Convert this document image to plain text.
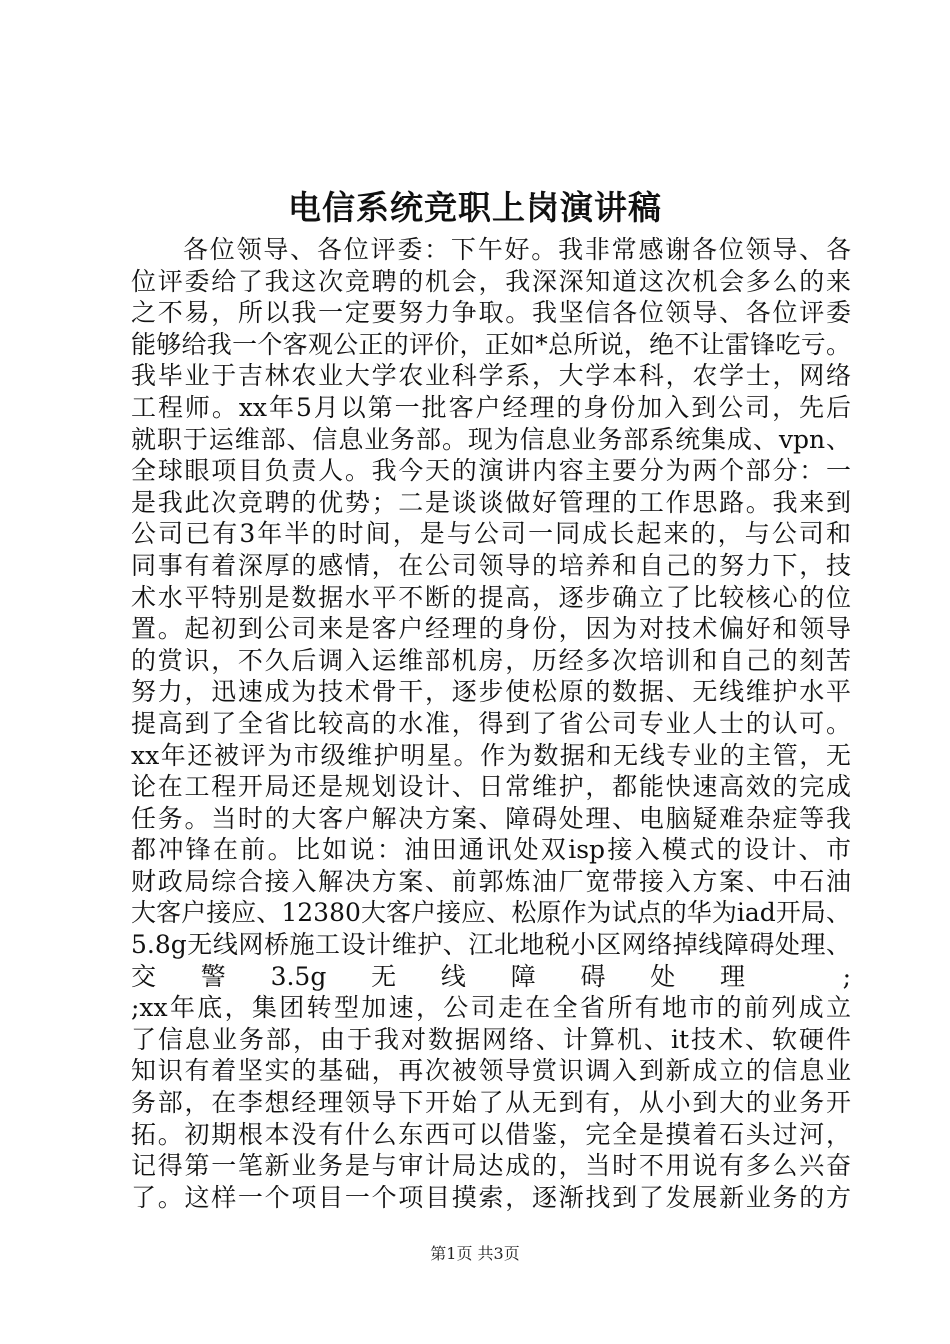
电信系统竞职上岗演讲稿
各位领导、各位评委：下午好。我非常感谢各位领导、各
位评委给了我这次竞聘的机会，我深深知道这次机会多么的来
之不易，所以我一定要努力争取。我坚信各位领导、各位评委
能够给我一个客观公正的评价，正如*总所说，绝不让雷锋吃亏。
我毕业于吉林农业大学农业科学系，大学本科，农学士，网络
工程师。xx年5月以第一批客户经理的身份加入到公司，先后
就职于运维部、信息业务部。现为信息业务部系统集成、vpn、
全球眼项目负责人。我今天的演讲内容主要分为两个部分：一
是我此次竞聘的优势；二是谈谈做好管理的工作思路。我来到
公司已有3年半的时间，是与公司一同成长起来的，与公司和
同事有着深厚的感情，在公司领导的培养和自己的努力下，技
术水平特别是数据水平不断的提高，逐步确立了比较核心的位
置。起初到公司来是客户经理的身份，因为对技术偏好和领导
的赏识，不久后调入运维部机房，历经多次培训和自己的刻苦
努力，迅速成为技术骨干，逐步使松原的数据、无线维护水平
提高到了全省比较高的水准，得到了省公司专业人士的认可。
xx年还被评为市级维护明星。作为数据和无线专业的主管，无
论在工程开局还是规划设计、日常维护，都能快速高效的完成
任务。当时的大客户解决方案、障碍处理、电脑疑难杂症等我
都冲锋在前。比如说：油田通讯处双isp接入模式的设计、市
财政局综合接入解决方案、前郭炼油厂宽带接入方案、中石油
大客户接应、12380大客户接应、松原作为试点的华为iad开局、
5.8g无线网桥施工设计维护、江北地税小区网络掉线障碍处理、
交警3.5g无线障碍处理 ;
;xx年底，集团转型加速，公司走在全省所有地市的前列成立
了信息业务部，由于我对数据网络、计算机、it技术、软硬件
知识有着坚实的基础，再次被领导赏识调入到新成立的信息业
务部，在李想经理领导下开始了从无到有，从小到大的业务开
拓。初期根本没有什么东西可以借鉴，完全是摸着石头过河，
记得第一笔新业务是与审计局达成的，当时不用说有多么兴奋
了。这样一个项目一个项目摸索，逐渐找到了发展新业务的方
第1页 共3页
